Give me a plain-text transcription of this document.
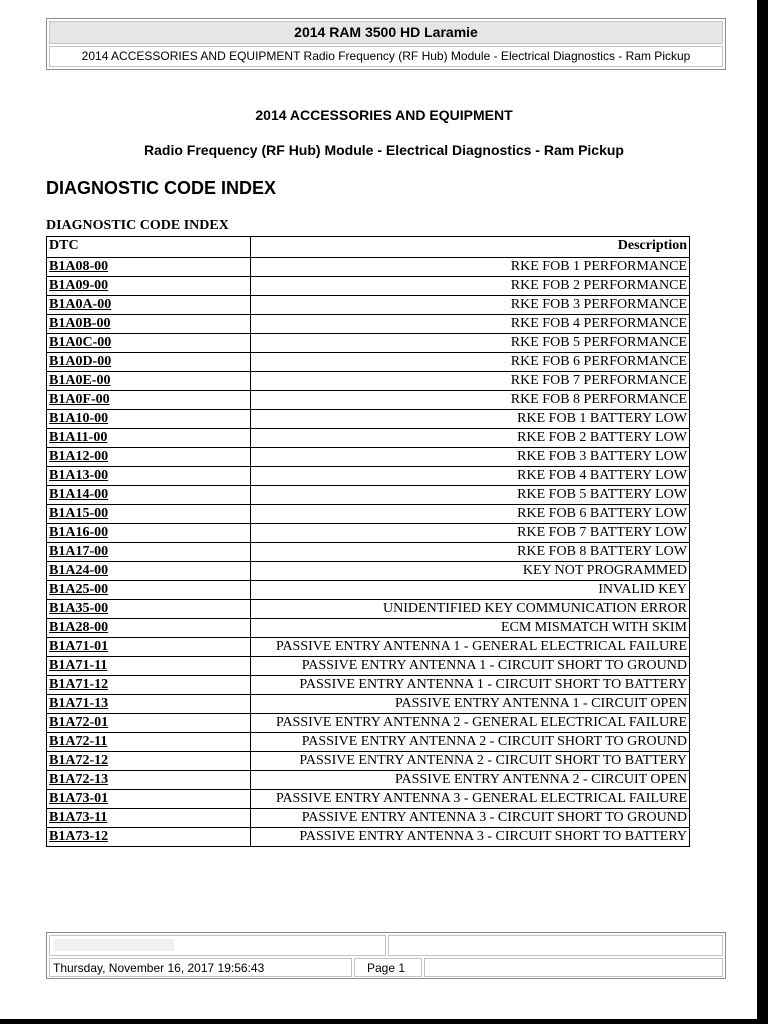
2014 RAM 3500 HD Laramie
2014 ACCESSORIES AND EQUIPMENT Radio Frequency (RF Hub) Module - Electrical Diagnostics - Ram Pickup
2014 ACCESSORIES AND EQUIPMENT
Radio Frequency (RF Hub) Module - Electrical Diagnostics - Ram Pickup
DIAGNOSTIC CODE INDEX
DIAGNOSTIC CODE INDEX
DTC	Description
B1A08-00	RKE FOB 1 PERFORMANCE
B1A09-00	RKE FOB 2 PERFORMANCE
B1A0A-00	RKE FOB 3 PERFORMANCE
B1A0B-00	RKE FOB 4 PERFORMANCE
B1A0C-00	RKE FOB 5 PERFORMANCE
B1A0D-00	RKE FOB 6 PERFORMANCE
B1A0E-00	RKE FOB 7 PERFORMANCE
B1A0F-00	RKE FOB 8 PERFORMANCE
B1A10-00	RKE FOB 1 BATTERY LOW
B1A11-00	RKE FOB 2 BATTERY LOW
B1A12-00	RKE FOB 3 BATTERY LOW
B1A13-00	RKE FOB 4 BATTERY LOW
B1A14-00	RKE FOB 5 BATTERY LOW
B1A15-00	RKE FOB 6 BATTERY LOW
B1A16-00	RKE FOB 7 BATTERY LOW
B1A17-00	RKE FOB 8 BATTERY LOW
B1A24-00	KEY NOT PROGRAMMED
B1A25-00	INVALID KEY
B1A35-00	UNIDENTIFIED KEY COMMUNICATION ERROR
B1A28-00	ECM MISMATCH WITH SKIM
B1A71-01	PASSIVE ENTRY ANTENNA 1 - GENERAL ELECTRICAL FAILURE
B1A71-11	PASSIVE ENTRY ANTENNA 1 - CIRCUIT SHORT TO GROUND
B1A71-12	PASSIVE ENTRY ANTENNA 1 - CIRCUIT SHORT TO BATTERY
B1A71-13	PASSIVE ENTRY ANTENNA 1 - CIRCUIT OPEN
B1A72-01	PASSIVE ENTRY ANTENNA 2 - GENERAL ELECTRICAL FAILURE
B1A72-11	PASSIVE ENTRY ANTENNA 2 - CIRCUIT SHORT TO GROUND
B1A72-12	PASSIVE ENTRY ANTENNA 2 - CIRCUIT SHORT TO BATTERY
B1A72-13	PASSIVE ENTRY ANTENNA 2 - CIRCUIT OPEN
B1A73-01	PASSIVE ENTRY ANTENNA 3 - GENERAL ELECTRICAL FAILURE
B1A73-11	PASSIVE ENTRY ANTENNA 3 - CIRCUIT SHORT TO GROUND
B1A73-12	PASSIVE ENTRY ANTENNA 3 - CIRCUIT SHORT TO BATTERY
Thursday, November 16, 2017 19:56:43	Page 1
